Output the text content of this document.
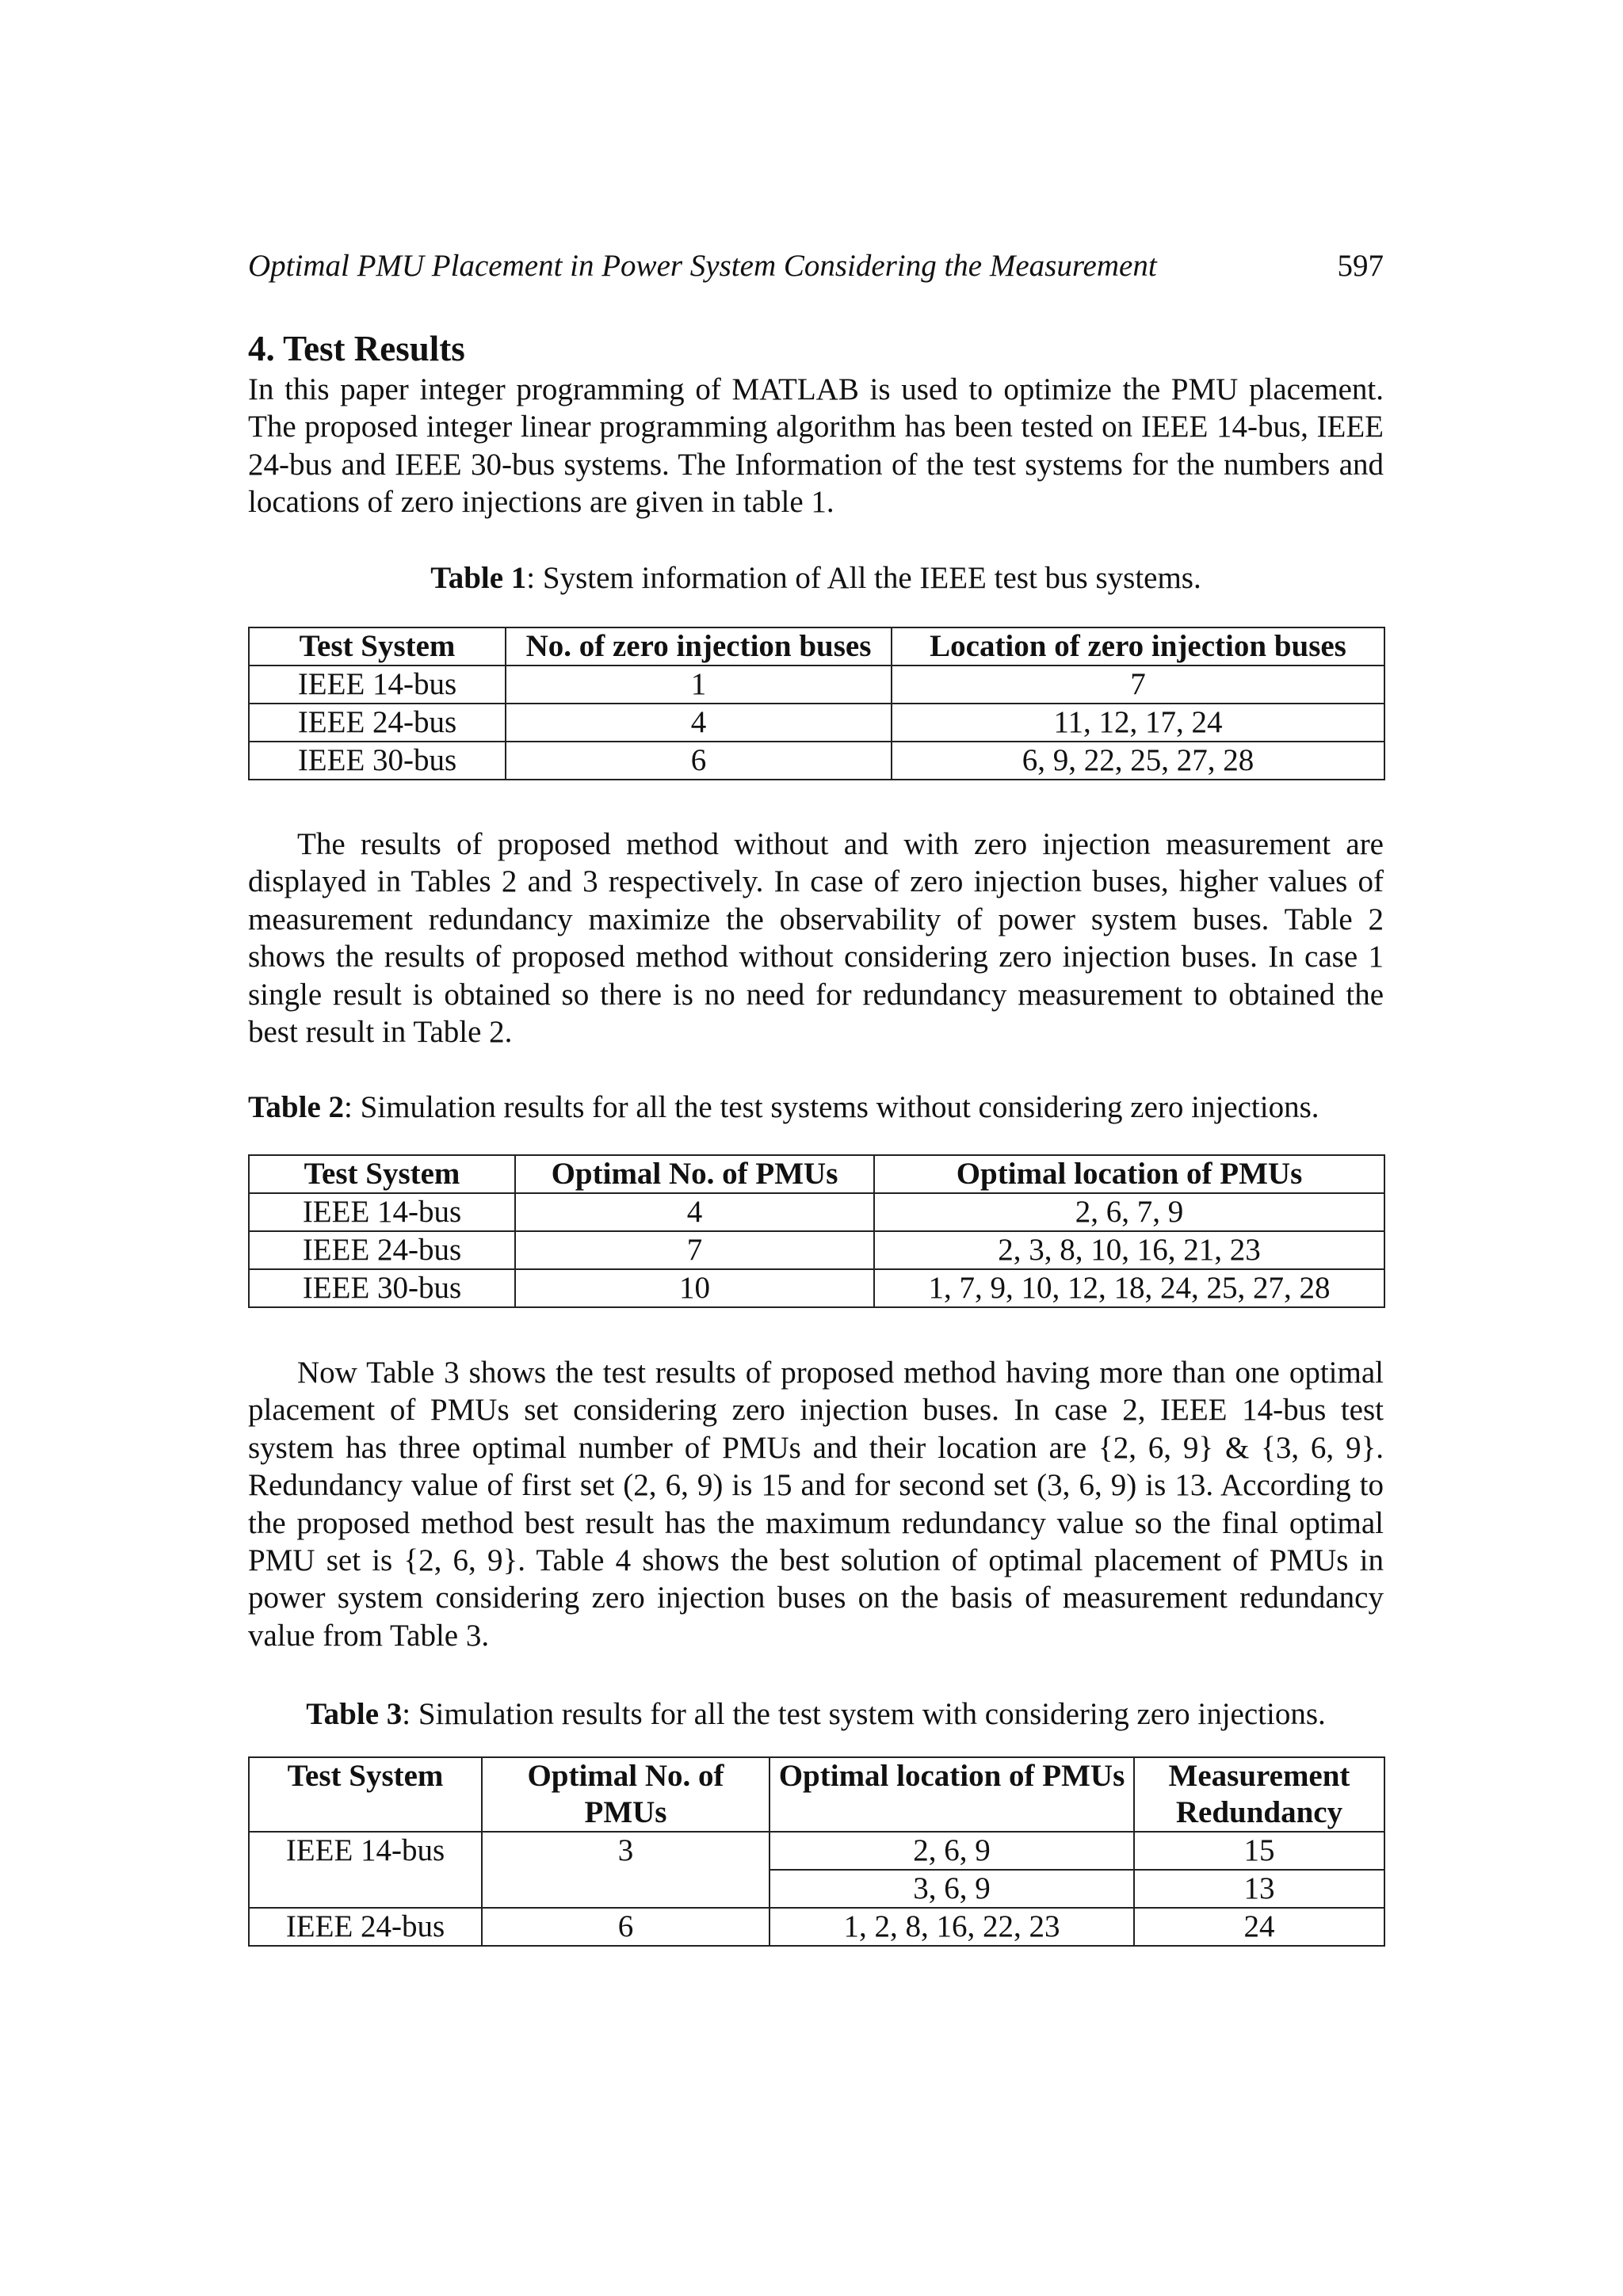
Optimal PMU Placement in Power System Considering the Measurement	597
4. Test Results
In this paper integer programming of MATLAB is used to optimize the PMU placement. The proposed integer linear programming algorithm has been tested on IEEE 14-bus, IEEE 24-bus and IEEE 30-bus systems. The Information of the test systems for the numbers and locations of zero injections are given in table 1.
Table 1: System information of All the IEEE test bus systems.
Test System	No. of zero injection buses	Location of zero injection buses
IEEE 14-bus	1	7
IEEE 24-bus	4	11, 12, 17, 24
IEEE 30-bus	6	6, 9, 22, 25, 27, 28
The results of proposed method without and with zero injection measurement are displayed in Tables 2 and 3 respectively. In case of zero injection buses, higher values of measurement redundancy maximize the observability of power system buses. Table 2 shows the results of proposed method without considering zero injection buses. In case 1 single result is obtained so there is no need for redundancy measurement to obtained the best result in Table 2.
Table 2: Simulation results for all the test systems without considering zero injections.
Test System	Optimal No. of PMUs	Optimal location of PMUs
IEEE 14-bus	4	2, 6, 7, 9
IEEE 24-bus	7	2, 3, 8, 10, 16, 21, 23
IEEE 30-bus	10	1, 7, 9, 10, 12, 18, 24, 25, 27, 28
Now Table 3 shows the test results of proposed method having more than one optimal placement of PMUs set considering zero injection buses. In case 2, IEEE 14-bus test system has three optimal number of PMUs and their location are {2, 6, 9} & {3, 6, 9}. Redundancy value of first set (2, 6, 9) is 15 and for second set (3, 6, 9) is 13. According to the proposed method best result has the maximum redundancy value so the final optimal PMU set is {2, 6, 9}. Table 4 shows the best solution of optimal placement of PMUs in power system considering zero injection buses on the basis of measurement redundancy value from Table 3.
Table 3: Simulation results for all the test system with considering zero injections.
Test System	Optimal No. of PMUs	Optimal location of PMUs	Measurement Redundancy
IEEE 14-bus	3	2, 6, 9	15
		3, 6, 9	13
IEEE 24-bus	6	1, 2, 8, 16, 22, 23	24
